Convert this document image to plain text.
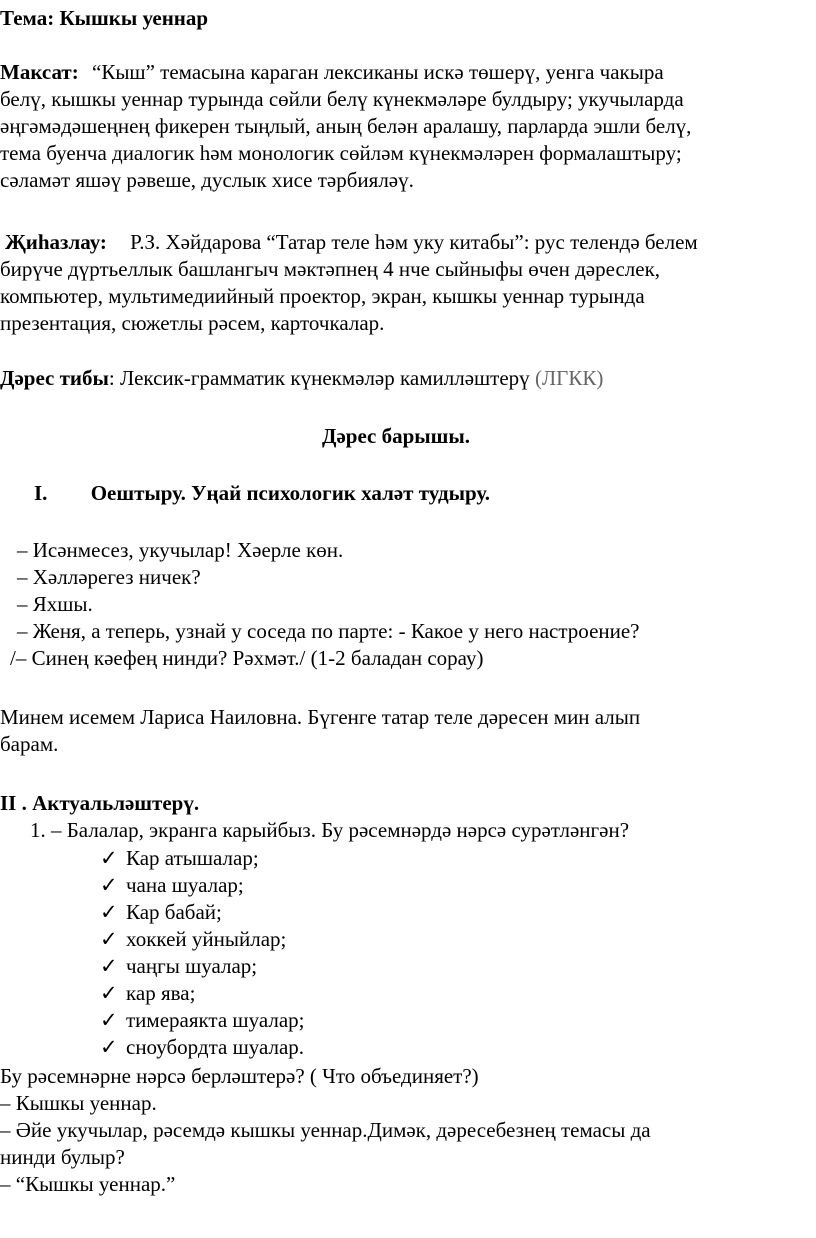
Тема: Кышкы уеннар
Максат: “Кыш” темасына караган лексиканы искә төшерү, уенга чакыра
белү, кышкы уеннар турында сөйли белү күнекмәләре булдыру; укучыларда
әңгәмәдәшеңнең фикерен тыңлый, аның белән аралашу, парларда эшли белү,
тема буенча диалогик һәм монологик сөйләм күнекмәләрен формалаштыру;
сәламәт яшәү рәвеше, дуслык хисе тәрбияләү.
Җиһазлау: Р.З. Хәйдарова “Татар теле һәм уку китабы”: рус телендә белем
бирүче дүртьеллык башлангыч мәктәпнең 4 нче сыйныфы өчен дәреслек,
компьютер, мультимедиийный проектор, экран, кышкы уеннар турында
презентация, сюжетлы рәсем, карточкалар.
Дәрес тибы: Лексик-грамматик күнекмәләр камилләштерү (ЛГКК)
Дәрес барышы.
I. Оештыру. Уңай психологик халәт тудыру.
– Исәнмесез, укучылар! Хәерле көн.
– Хәлләрегез ничек?
– Яхшы.
– Женя, а теперь, узнай у соседа по парте: - Какое у него настроение?
/– Синең кәефең нинди? Рәхмәт./ (1-2 баладан сорау)
Минем исемем Лариса Наиловна. Бүгенге татар теле дәресен мин алып
барам.
II . Актуальләштерү.
1. – Балалар, экранга карыйбыз. Бу рәсемнәрдә нәрсә сурәтләнгән?
✓ Кар атышалар;
✓ чана шуалар;
✓ Кар бабай;
✓ хоккей уйныйлар;
✓ чаңгы шуалар;
✓ кар ява;
✓ тимераякта шуалар;
✓ сноубордта шуалар.
Бу рәсемнәрне нәрсә берләштерә? ( Что объединяет?)
– Кышкы уеннар.
– Әйе укучылар, рәсемдә кышкы уеннар.Димәк, дәресебезнең темасы да
нинди булыр?
– “Кышкы уеннар.”
